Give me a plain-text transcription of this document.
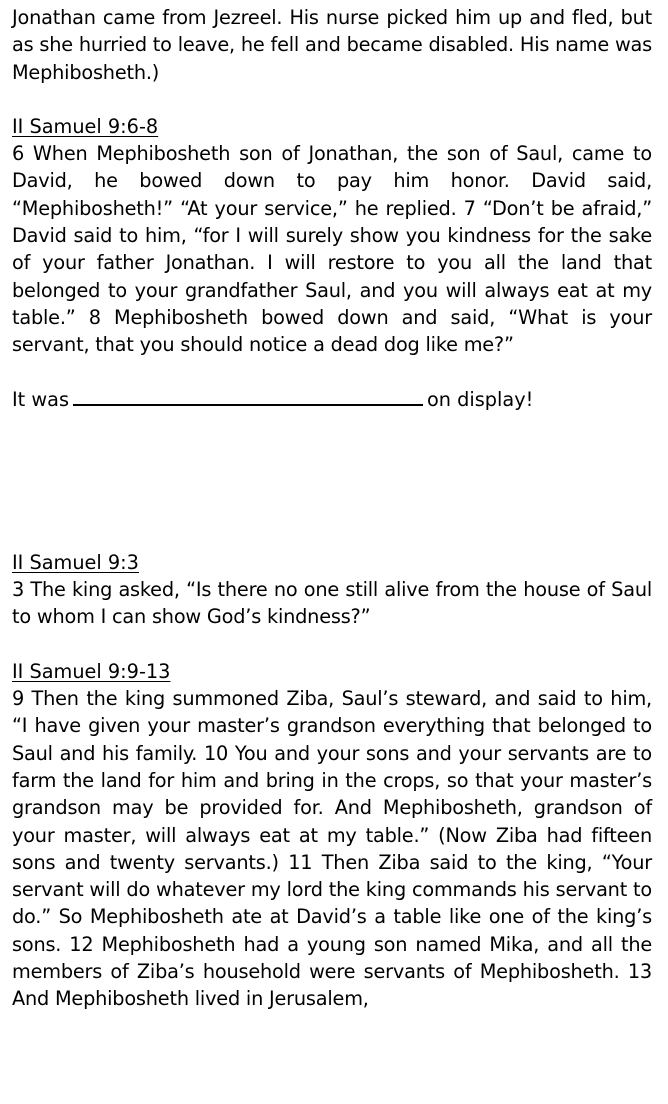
Jonathan came from Jezreel. His nurse picked him up and fled, but as she hurried to leave, he fell and became disabled. His name was Mephibosheth.)

II Samuel 9:6-8

6 When Mephibosheth son of Jonathan, the son of Saul, came to David, he bowed down to pay him honor. David said, “Mephibosheth!” “At your service,” he replied. 7 “Don’t be afraid,” David said to him, “for I will surely show you kindness for the sake of your father Jonathan. I will restore to you all the land that belonged to your grandfather Saul, and you will always eat at my table.” 8 Mephibosheth bowed down and said, “What is your servant, that you should notice a dead dog like me?”

It was	on display!

II Samuel 9:3

3 The king asked, “Is there no one still alive from the house of Saul to whom I can show God’s kindness?”

II Samuel 9:9-13

9 Then the king summoned Ziba, Saul’s steward, and said to him, “I have given your master’s grandson everything that belonged to Saul and his family. 10 You and your sons and your servants are to farm the land for him and bring in the crops, so that your master’s grandson may be provided for. And Mephibosheth, grandson of your master, will always eat at my table.” (Now Ziba had fifteen sons and twenty servants.) 11 Then Ziba said to the king, “Your servant will do whatever my lord the king commands his servant to do.” So Mephibosheth ate at David’s a table like one of the king’s sons. 12 Mephibosheth had a young son named Mika, and all the members of Ziba’s household were servants of Mephibosheth. 13 And Mephibosheth lived in Jerusalem,
